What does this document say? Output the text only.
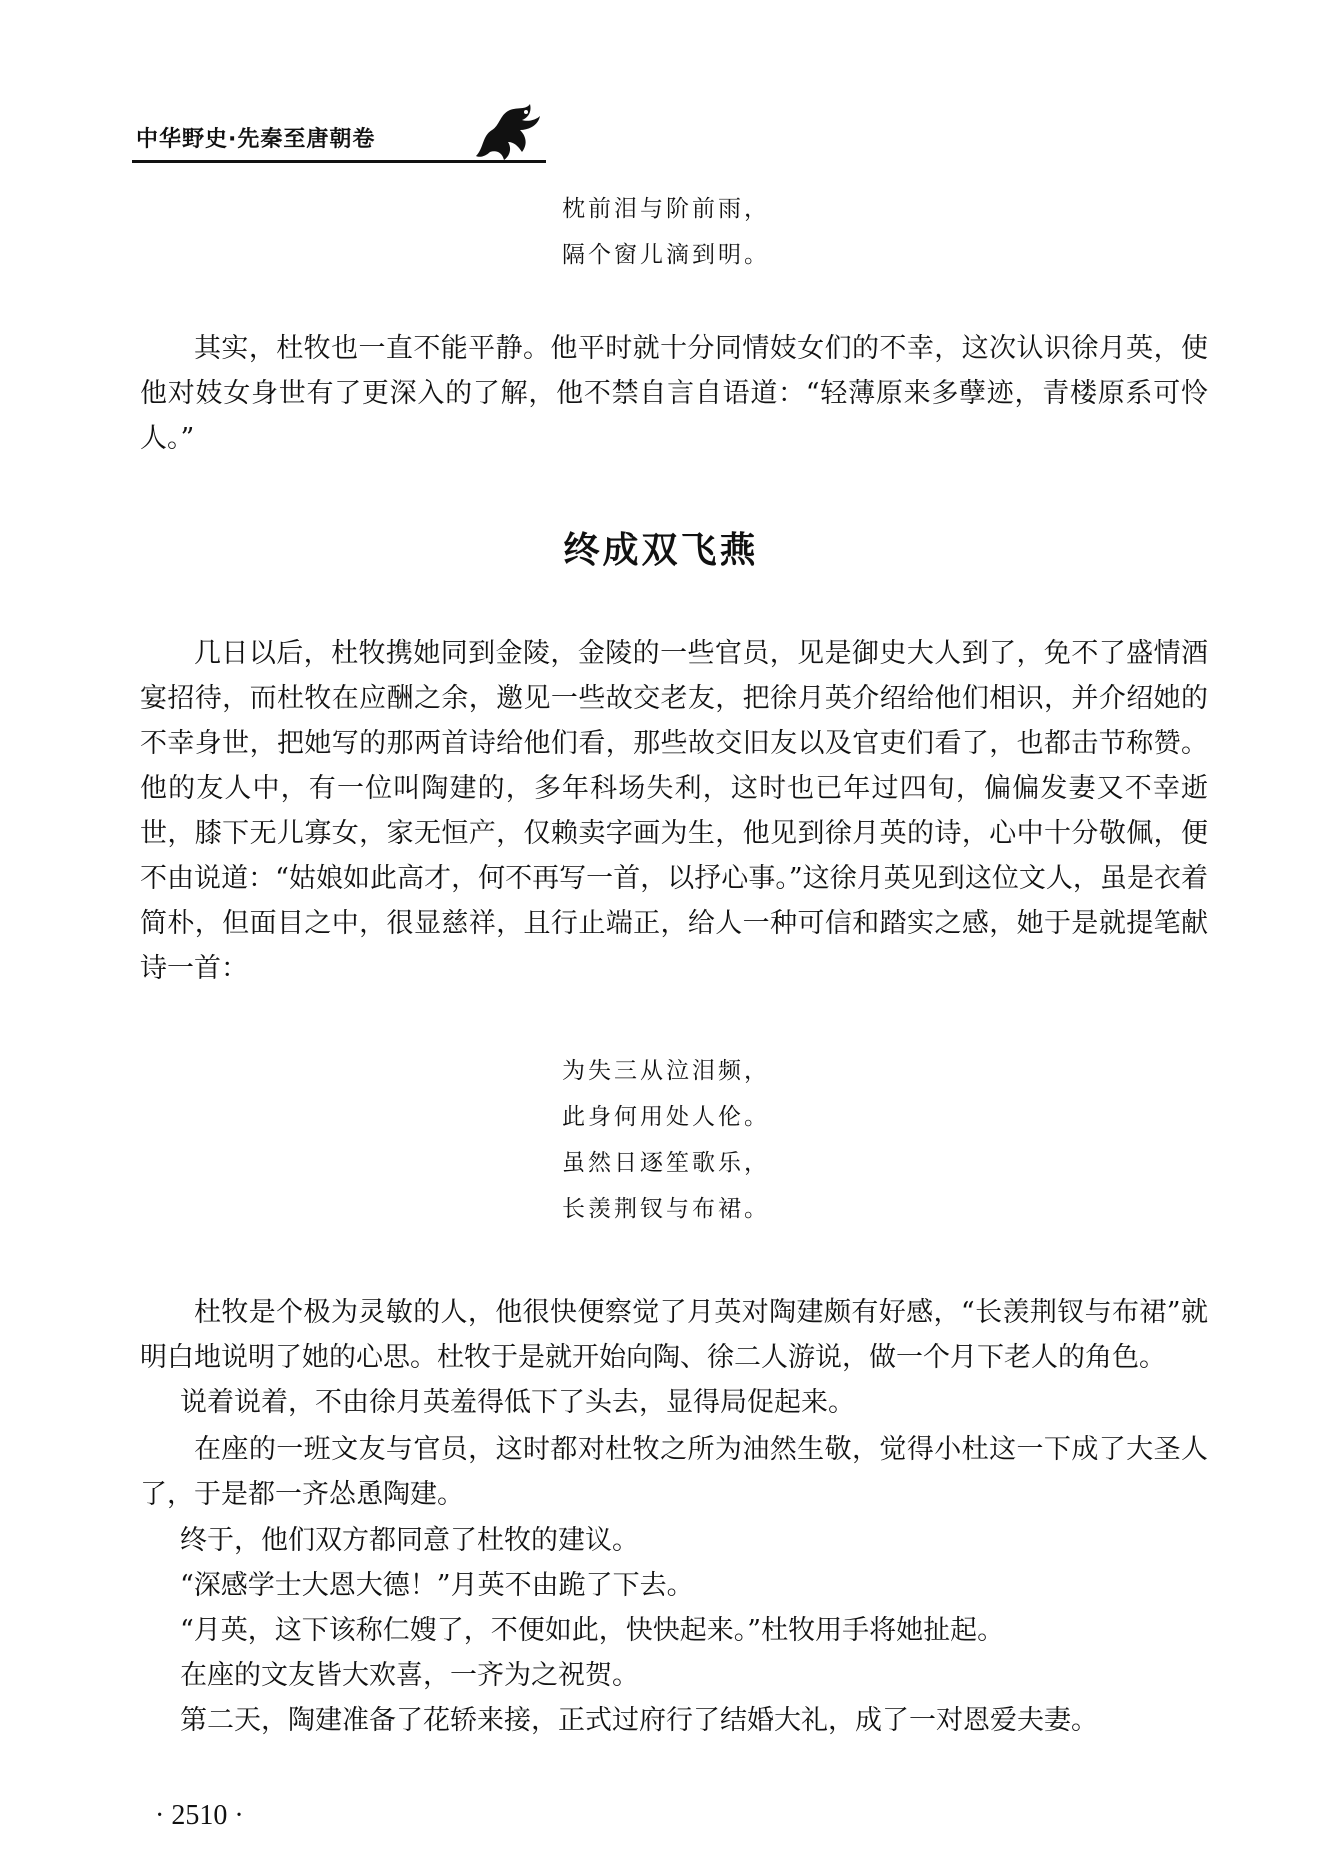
中华野史·先秦至唐朝卷
枕前泪与阶前雨，
隔个窗儿滴到明。

其实，杜牧也一直不能平静。他平时就十分同情妓女们的不幸，这次认识徐月英，使他对妓女身世有了更深入的了解，他不禁自言自语道：“轻薄原来多孽迹，青楼原系可怜人。”

终成双飞燕

几日以后，杜牧携她同到金陵，金陵的一些官员，见是御史大人到了，免不了盛情酒宴招待，而杜牧在应酬之余，邀见一些故交老友，把徐月英介绍给他们相识，并介绍她的不幸身世，把她写的那两首诗给他们看，那些故交旧友以及官吏们看了，也都击节称赞。他的友人中，有一位叫陶建的，多年科场失利，这时也已年过四旬，偏偏发妻又不幸逝世，膝下无儿寡女，家无恒产，仅赖卖字画为生，他见到徐月英的诗，心中十分敬佩，便不由说道：“姑娘如此高才，何不再写一首，以抒心事。”这徐月英见到这位文人，虽是衣着简朴，但面目之中，很显慈祥，且行止端正，给人一种可信和踏实之感，她于是就提笔献诗一首：

为失三从泣泪频，
此身何用处人伦。
虽然日逐笙歌乐，
长羡荆钗与布裙。

杜牧是个极为灵敏的人，他很快便察觉了月英对陶建颇有好感，“长羡荆钗与布裙”就明白地说明了她的心思。杜牧于是就开始向陶、徐二人游说，做一个月下老人的角色。

说着说着，不由徐月英羞得低下了头去，显得局促起来。

在座的一班文友与官员，这时都对杜牧之所为油然生敬，觉得小杜这一下成了大圣人了，于是都一齐怂恿陶建。

终于，他们双方都同意了杜牧的建议。

“深感学士大恩大德！”月英不由跪了下去。

“月英，这下该称仁嫂了，不便如此，快快起来。”杜牧用手将她扯起。

在座的文友皆大欢喜，一齐为之祝贺。

第二天，陶建准备了花轿来接，正式过府行了结婚大礼，成了一对恩爱夫妻。

· 2510 ·
